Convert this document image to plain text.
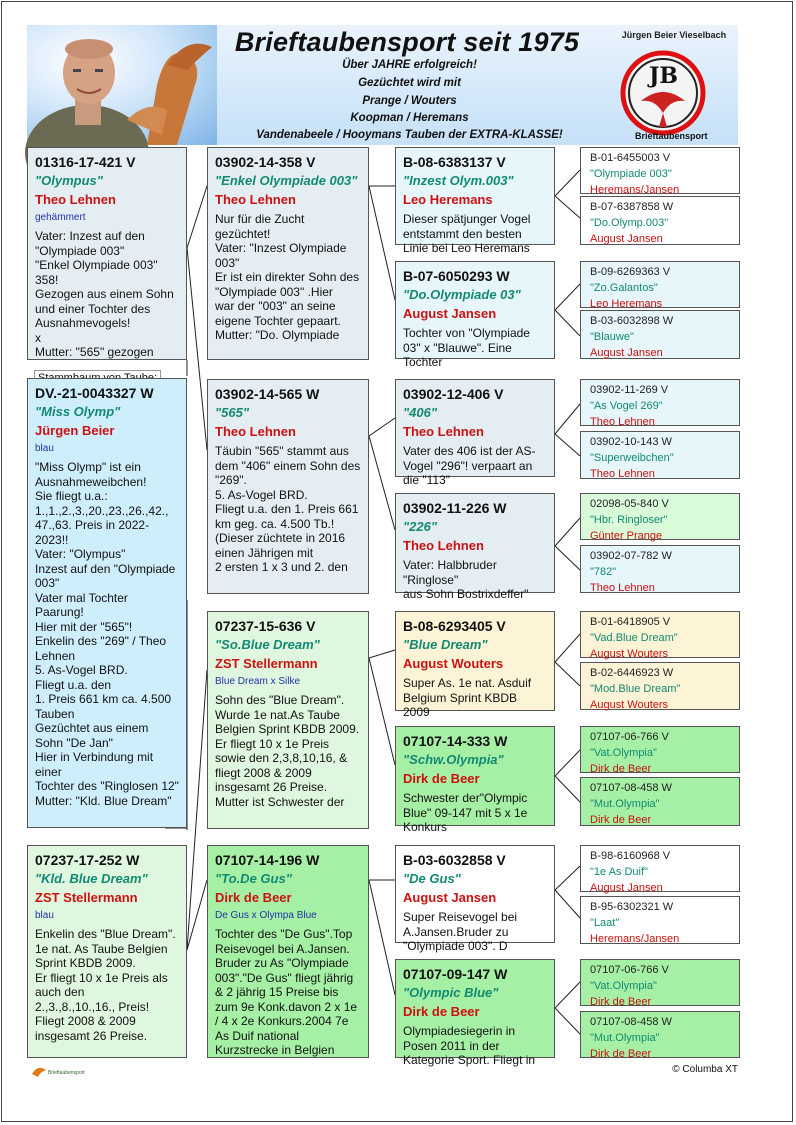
Brieftaubensport seit 1975
Über JAHRE erfolgreich!
Gezüchtet wird mit
Prange / Wouters
Koopman / Heremans
Vandenabeele / Hooymans Tauben der EXTRA-KLASSE!
Jürgen Beier Vieselbach
JB
Brieftaubensport
01316-17-421 V
"Olympus"
Theo Lehnen
gehämmert
Vater: Inzest auf den "Olympiade 003"
"Enkel Olympiade 003" 358!
Gezogen aus einem Sohn und einer Tochter des Ausnahmevogels!
x
Mutter: "565" gezogen
DV.-21-0043327 W
"Miss Olymp"
Jürgen Beier
blau
"Miss Olymp" ist ein Ausnahmeweibchen!
Sie fliegt u.a.: 1.,1.,2.,3.,20.,23.,26.,42., 47.,63. Preis in 2022-2023!!
Vater: "Olympus"
Inzest auf den "Olympiade 003"
Vater mal Tochter Paarung!
Hier mit der "565"!
Enkelin des "269" / Theo Lehnen
5. As-Vogel BRD.
Fliegt u.a. den
1. Preis 661 km ca. 4.500 Tauben
Gezüchtet aus einem Sohn "De Jan"
Hier in Verbindung mit einer
Tochter des "Ringlosen 12"
Mutter: "Kld. Blue Dream"
07237-17-252 W
"Kld. Blue Dream"
ZST Stellermann
blau
Enkelin des "Blue Dream".
1e nat. As Taube Belgien Sprint KBDB 2009.
Er fliegt 10 x 1e Preis als auch den
2.,3.,8.,10.,16., Preis!
Fliegt 2008 & 2009 insgesamt 26 Preise.
03902-14-358 V
"Enkel Olympiade 003"
Theo Lehnen
Nur für die Zucht gezüchtet!
Vater: "Inzest Olympiade 003"
Er ist ein direkter Sohn des "Olympiade 003" .Hier
war der "003" an seine eigene Tochter gepaart.
Mutter: "Do. Olympiade
03902-14-565 W
"565"
Theo Lehnen
Täubin "565" stammt aus dem "406" einem Sohn des "269".
5. As-Vogel BRD.
Fliegt u.a. den 1. Preis 661 km geg. ca. 4.500 Tb.!
(Dieser züchtete in 2016 einen Jährigen mit
2 ersten 1 x 3 und 2. den
07237-15-636 V
"So.Blue Dream"
ZST Stellermann
Blue Dream x Silke
Sohn des "Blue Dream".
Wurde 1e nat.As Taube Belgien Sprint KBDB 2009.
Er fliegt 10 x 1e Preis sowie den 2,3,8,10,16, & fliegt 2008 & 2009
insgesamt 26 Preise.
Mutter ist Schwester der
07107-14-196 W
"To.De Gus"
Dirk de Beer
De Gus x Olympa Blue
Tochter des "De Gus".Top Reisevogel bei A.Jansen. Bruder zu As "Olympiade 003"."De Gus" fliegt jährig & 2 jährig 15 Preise bis zum 9e Konk.davon 2 x 1e / 4 x 2e Konkurs.2004 7e As Duif national Kurzstrecke in Belgien
B-08-6383137 V
"Inzest Olym.003"
Leo Heremans
Dieser spätjunger Vogel entstammt den besten Linie bei Leo Heremans
B-07-6050293 W
"Do.Olympiade 03"
August Jansen
Tochter von "Olympiade 03" x "Blauwe". Eine Tochter
03902-12-406 V
"406"
Theo Lehnen
Vater des 406 ist der AS-Vogel "296"! verpaart an die "113"
03902-11-226 W
"226"
Theo Lehnen
Vater: Halbbruder "Ringlose"
aus Sohn Bostrixdeffer"
B-08-6293405 V
"Blue Dream"
August Wouters
Super As. 1e nat. Asduif Belgium Sprint KBDB 2009
07107-14-333 W
"Schw.Olympia"
Dirk de Beer
Schwester der"Olympic Blue" 09-147 mit 5 x 1e Konkurs
B-03-6032858 V
"De Gus"
August Jansen
Super Reisevogel bei A.Jansen.Bruder zu "Olympiade 003". D
07107-09-147 W
"Olympic Blue"
Dirk de Beer
Olympiadesiegerin in Posen 2011 in der Kategorie Sport. Fliegt in
B-01-6455003 V
"Olympiade 003"
Heremans/Jansen
B-07-6387858 W
"Do.Olymp.003"
August Jansen
B-09-6269363 V
"Zo.Galantos"
Leo Heremans
B-03-6032898 W
"Blauwe"
August Jansen
03902-11-269 V
"As Vogel 269"
Theo Lehnen
03902-10-143 W
"Superweibchen"
Theo Lehnen
02098-05-840 V
"Hbr. Ringloser"
Günter Prange
03902-07-782 W
"782"
Theo Lehnen
B-01-6418905 V
"Vad.Blue Dream"
August Wouters
B-02-6446923 W
"Mod.Blue Dream"
August Wouters
07107-06-766 V
"Vat.Olympia"
Dirk de Beer
07107-08-458 W
"Mut.Olympia"
Dirk de Beer
B-98-6160968 V
"1e As Duif"
August Jansen
B-95-6302321 W
"Laat"
Heremans/Jansen
07107-06-766 V
"Vat.Olympia"
Dirk de Beer
07107-08-458 W
"Mut.Olympia"
Dirk de Beer
Brieftaubensport	© Columba XT
